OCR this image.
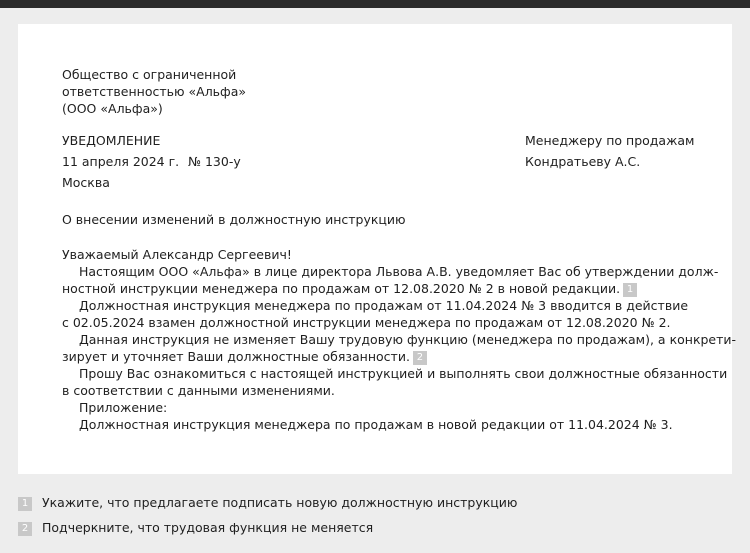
Общество с ограниченной
ответственностью «Альфа»
(ООО «Альфа»)
УВЕДОМЛЕНИЕ
11 апреля 2024 г. № 130-у
Москва
Менеджеру по продажам
Кондратьеву А.С.
О внесении изменений в должностную инструкцию
Уважаемый Александр Сергеевич!
Настоящим ООО «Альфа» в лице директора Львова А.В. уведомляет Вас об утверждении долж-
ностной инструкции менеджера по продажам от 12.08.2020 № 2 в новой редакции. 1
Должностная инструкция менеджера по продажам от 11.04.2024 № 3 вводится в действие
с 02.05.2024 взамен должностной инструкции менеджера по продажам от 12.08.2020 № 2.
Данная инструкция не изменяет Вашу трудовую функцию (менеджера по продажам), а конкрети-
зирует и уточняет Ваши должностные обязанности. 2
Прошу Вас ознакомиться с настоящей инструкцией и выполнять свои должностные обязанности
в соответствии с данными изменениями.
Приложение:
Должностная инструкция менеджера по продажам в новой редакции от 11.04.2024 № 3.
1 Укажите, что предлагаете подписать новую должностную инструкцию
2 Подчеркните, что трудовая функция не меняется
